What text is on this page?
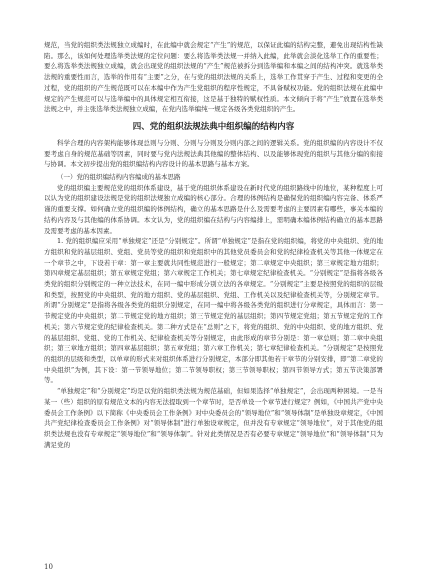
规范，当党的组织类法规独立成编时，在此编中就会规定“产生”的规范，以保证此编的结构完整，避免出现结构性缺陷。那么，该如何处理选举类法规的定位问题：要么将选举类法规一并纳入此编，此举就会淡化选举工作的重要性；要么将选举类法规独立成编，就会出现党的组织法规的“产生”规范被拆分到选举编和本编之间的结构冲突。就选举类法规的重要性而言，选举的作用有“主要”之分，在与党的组织法规的关系上，选举工作贯穿于产生、过程和变更的全过程，党的组织的产生规范既可以在本编中作为产生党组织的程序性规定，不具备赋权功能。党的组织法规在此编中规定的产生规范可以与选举编中的具体规定相互衔接，这是基于独特的赋权性质。本文倾向于将“产生”放置在选举类法规之中，并主张选举类法规独立成编，在党内选举编纯一规定各级各类党组织的产生。

四、党的组织法规法典中组织编的结构内容

科学合理的内容架构能够体现总则与分则、分则与分则及分则内部之间的逻辑关系。党的组织编的内容设计不仅要考虑自身的规范基础等因素，同时要与党内法规法典其他编的整体结构、以及能够体现党的组织与其他分编的衔接与协调。本文初步提出党的组织编结构内容设计的基本思路与基本方案。

（一）党的组织编结构内容编成的基本思路

党的组织编主要规范党的组织体系建设，基于党的组织体系建设在新时代党的组织路线中的地位，某种程度上可以认为党的组织建设法规是党的组织法规独立成编的核心部分。合理的体例结构是确保党的组织编内容完备、体系严谨的重要支撑。如何确立党的组织编的体例结构，确立的基本思路是什么及需要考虑的主要因素有哪些，事关本编的结构内容及与其他编的体系协调。本文认为，党的组织编在结构与内容编排上，需明确本编体例结构确立的基本思路及需要考虑的基本因素。

1. 党的组织编应采用“单独规定”还是“分别规定”。所谓“单独规定”是指在党的组织编，将党的中央组织、党的地方组织和党的基层组织、党组、党员等党的组织和党组织中的其他党员委员会和党的纪律检查机关等其他一体规定在一个章节之中，下设若干章：第一章主要就共同性规范进行一般规定；第二章规定中央组织；第三章规定地方组织；第四章规定基层组织；第五章规定党组；第六章规定工作机关；第七章规定纪律检查机关。“分别规定”是指将各级各类党的组织分别规定的一种立法技术，在同一编中形成分别立法的各章规定。“分别规定”主要是按照党的组织的层级和类型，按照党的中央组织、党的地方组织、党的基层组织、党组、工作机关以及纪律检查机关等，分别规定章节。所谓“分别规定”是指将各级各类党的组织分别规定，在同一编中将各级各类党的组织进行分章规定，具体而言：第一节规定党的中央组织；第二节规定党的地方组织；第三节规定党的基层组织；第四节规定党组；第五节规定党的工作机关；第六节规定党的纪律检查机关。第二种方式是在“总则”之下，将党的组织、党的中央组织、党的地方组织、党的基层组织、党组、党的工作机关、纪律检查机关等分别规定，由此形成的章节分别是：第一章总则；第二章中央组织；第三章地方组织；第四章基层组织；第五章党组；第六章工作机关；第七章纪律检查机关。“分别规定”是按照党的组织的层级和类型，以单章的形式来对组织体系进行分别规定，本部分即其他若干章节的分别安排，即“第二章党的中央组织”为例，其下设：第一节领导地位；第二节领导职权；第三节领导职权；第四节领导方式；第五节决策部署等。

“单独规定”和“分别规定”均是以党的组织类法规为规范基础，但如果选择“单独规定”，会出现两种困境。一是当某一（些）组织的原有规范文本的内容无法提取到一个章节时，是否单设一个章节进行规定？例如，《中国共产党中央委员会工作条例》以下简称《中央委员会工作条例》对中央委员会的“领导地位”和“领导体制”是单独设章规定，《中国共产党纪律检查委员会工作条例》对“领导体制”进行单独设章规定，但并没有专章规定“领导地位”，对于其他党的组织类法规也没有专章规定“领导地位”和“领导体制”。针对此类情况是否有必要专章规定“领导地位”和“领导体制”只为满足党的

10
